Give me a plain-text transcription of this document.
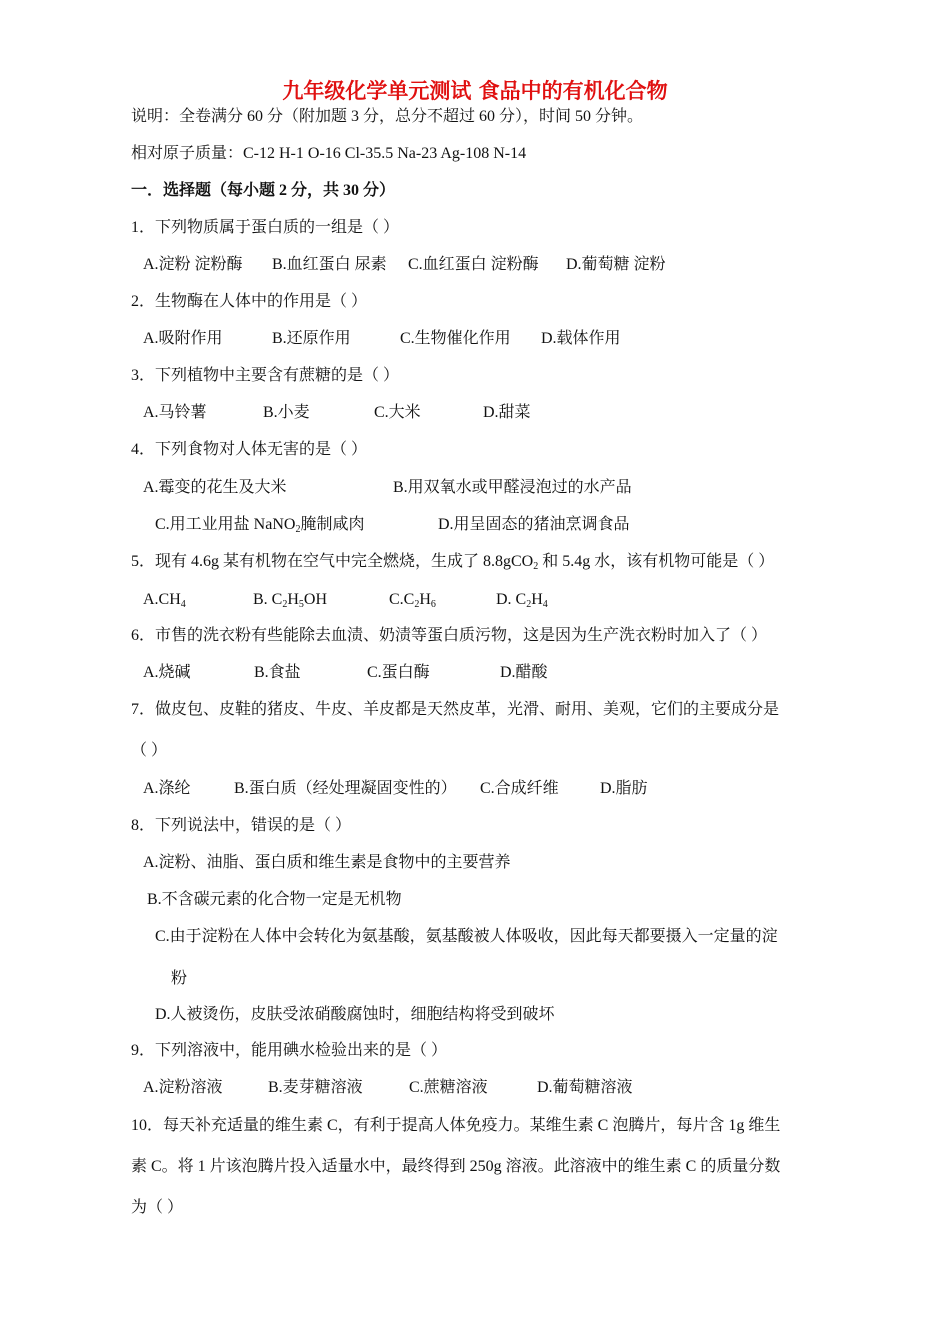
九年级化学单元测试 食品中的有机化合物
说明：全卷满分 60 分（附加题 3 分，总分不超过 60 分），时间 50 分钟。
相对原子质量：C-12 H-1 O-16 Cl-35.5 Na-23 Ag-108 N-14
一．选择题（每小题 2 分，共 30 分）
1．下列物质属于蛋白质的一组是（ ）
A.淀粉 淀粉酶 B.血红蛋白 尿素 C.血红蛋白 淀粉酶 D.葡萄糖 淀粉
2．生物酶在人体中的作用是（ ）
A.吸附作用	B.还原作用	C.生物催化作用 D.载体作用
3．下列植物中主要含有蔗糖的是（ ）
A.马铃薯	B.小麦	C.大米	D.甜菜
4．下列食物对人体无害的是（ ）
A.霉变的花生及大米	B.用双氧水或甲醛浸泡过的水产品
C.用工业用盐 NaNO$_2$腌制咸肉	D.用呈固态的猪油烹调食品
5．现有 4.6g 某有机物在空气中完全燃烧，生成了 8.8gCO$_2$ 和 5.4g 水，该有机物可能是（ ）
$A.CH_4$	B. $C_2H_5OH$	$C.C_2H_6$	D. $C_2H_4$
6．市售的洗衣粉有些能除去血渍、奶渍等蛋白质污物，这是因为生产洗衣粉时加入了（ ）
A.烧碱	B.食盐	C.蛋白酶	D.醋酸
7．做皮包、皮鞋的猪皮、牛皮、羊皮都是天然皮革，光滑、耐用、美观，它们的主要成分是
（ ）
A.涤纶	B.蛋白质（经处理凝固变性的） C.合成纤维	D.脂肪
8．下列说法中，错误的是（ ）
A.淀粉、油脂、蛋白质和维生素是食物中的主要营养
B.不含碳元素的化合物一定是无机物
C.由于淀粉在人体中会转化为氨基酸，氨基酸被人体吸收，因此每天都要摄入一定量的淀
粉
D.人被烫伤，皮肤受浓硝酸腐蚀时，细胞结构将受到破坏
9．下列溶液中，能用碘水检验出来的是（ ）
A.淀粉溶液	B.麦芽糖溶液	C.蔗糖溶液	D.葡萄糖溶液
10．每天补充适量的维生素 C，有利于提高人体免疫力。某维生素 C 泡腾片，每片含 1g 维生
素 C。将 1 片该泡腾片投入适量水中，最终得到 250g 溶液。此溶液中的维生素 C 的质量分数
为（ ）
